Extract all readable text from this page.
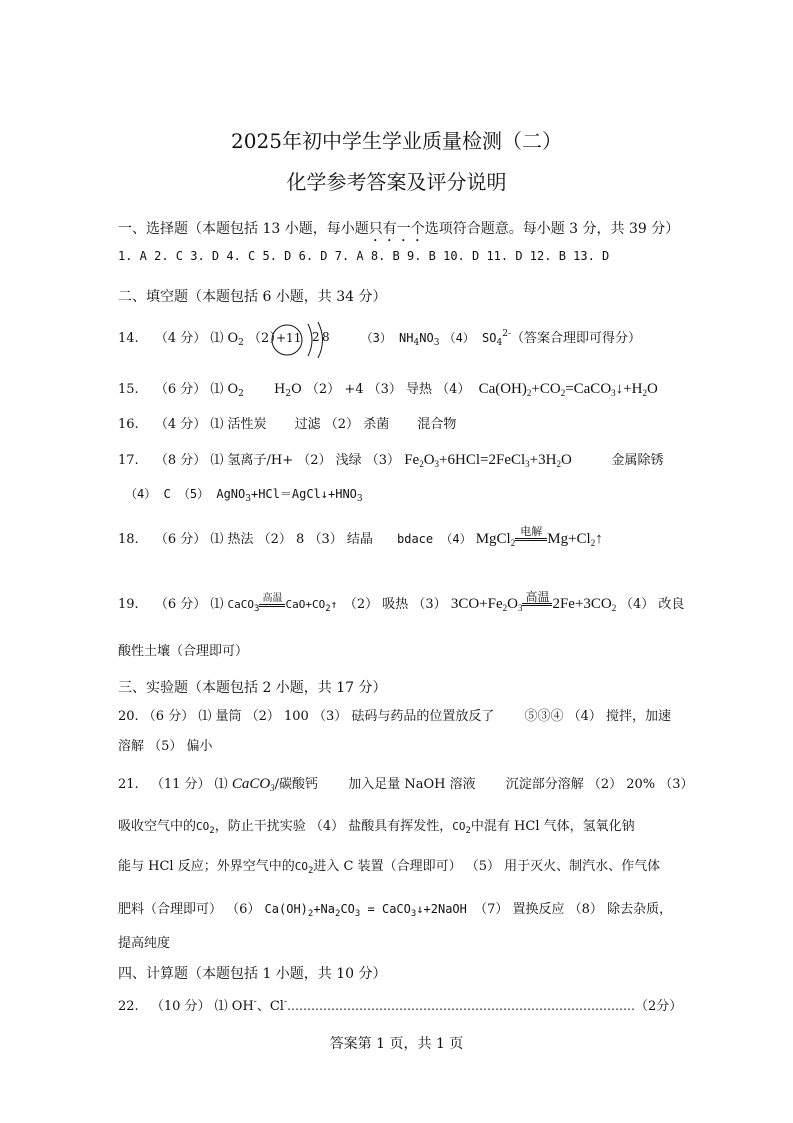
2025年初中学生学业质量检测（二）
化学参考答案及评分说明
一、选择题（本题包括 13 小题，每小题只有一个选项符合题意。每小题 3 分，共 39 分）
1. A 2. C 3. D 4. C 5. D 6. D 7. A 8. B 9. B 10. D 11. D 12. B 13. D
二、填空题（本题包括 6 小题，共 34 分）
14. （4 分） ⑴ $O_2$ （2）	（3） $NH_4NO_3$ （4） $SO_4^{2-}$（答案合理即可得分）
+11 2 8
15. （6 分） ⑴ $O_2$ $H_2O$ （2） +4 （3） 导热 （4） $Ca(OH)_2+CO_2=CaCO_3↓+H_2O$
16. （4 分） ⑴ 活性炭 过滤 （2） 杀菌 混合物
17. （8 分） ⑴ 氢离子/H+ （2） 浅绿 （3） $Fe_2O_3+6HCl=2FeCl_3+3H_2O$	金属除锈
（4） C （5） $AgNO_3+HCl=AgCl↓+HNO_3$
18. （6 分） ⑴ 热法 （2） 8 （3） 结晶 bdace （4） MgCl$_2$
电解 $Mg+Cl_2↑$
19. （6 分） ⑴ CaCO$_3$
高温 $CaO+CO_2↑$ （2） 吸热 （3） $3CO+Fe_2O_3$
高温 $2Fe+3CO_2$ （4） 改良
酸性土壤（合理即可）
三、实验题（本题包括 2 小题，共 17 分）
20. （6 分） ⑴ 量筒 （2） 100 （3） 砝码与药品的位置放反了 ⑤③④ （4） 搅拌，加速
溶解 （5） 偏小
21. （11 分） ⑴ CaCO$_3$/碳酸钙 加入足量 NaOH 溶液 沉淀部分溶解 （2） 20% （3）
吸收空气中的$CO_2$，防止干扰实验 （4） 盐酸具有挥发性，$CO_2$中混有 HCl 气体，氢氧化钠
能与 HCl 反应；外界空气中的$CO_2$进入 C 装置（合理即可） （5） 用于灭火、制汽水、作气体
肥料（合理即可） （6） $Ca(OH)_2+Na_2CO_3$ = CaCO$_3$↓+2NaOH （7） 置换反应 （8） 除去杂质，
提高纯度
四、计算题（本题包括 1 小题，共 10 分）
22. （10 分） ⑴ OH-、Cl-……………………………………………………………………………（2分）
答案第 1 页，共 1 页
